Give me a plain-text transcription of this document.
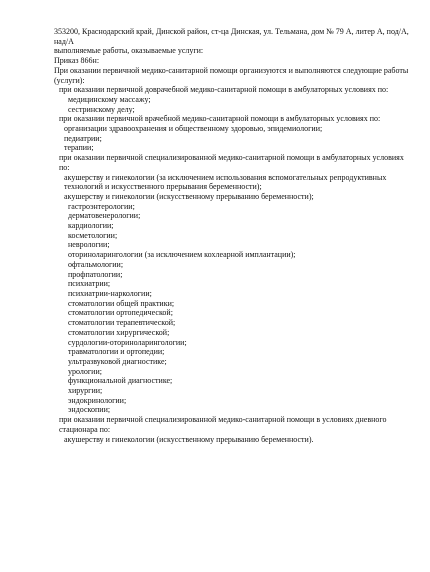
353200, Краснодарский край, Динской район, ст-ца Динская, ул. Тельмана, дом № 79 А, литер А, под/А, над/А
выполняемые работы, оказываемые услуги:
Приказ 866н:
При оказании первичной медико-санитарной помощи организуются и выполняются следующие работы (услуги):
при оказании первичной доврачебной медико-санитарной помощи в амбулаторных условиях по:
медицинскому массажу;
сестринскому делу;
при оказании первичной врачебной медико-санитарной помощи в амбулаторных условиях по:
организации здравоохранения и общественному здоровью, эпидемиологии;
педиатрии;
терапии;
при оказании первичной специализированной медико-санитарной помощи в амбулаторных условиях по:
акушерству и гинекологии (за исключением использования вспомогательных репродуктивных технологий и искусственного прерывания беременности);
акушерству и гинекологии (искусственному прерыванию беременности);
гастроэнтерологии;
дерматовенерологии;
кардиологии;
косметологии;
неврологии;
оториноларингологии (за исключением кохлеарной имплантации);
офтальмологии;
профпатологии;
психиатрии;
психиатрии-наркологии;
стоматологии общей практики;
стоматологии ортопедической;
стоматологии терапевтической;
стоматологии хирургической;
сурдологии-оториноларингологии;
травматологии и ортопедии;
ультразвуковой диагностике;
урологии;
функциональной диагностике;
хирургии;
эндокринологии;
эндоскопии;
при оказании первичной специализированной медико-санитарной помощи в условиях дневного стационара по:
акушерству и гинекологии (искусственному прерыванию беременности).
